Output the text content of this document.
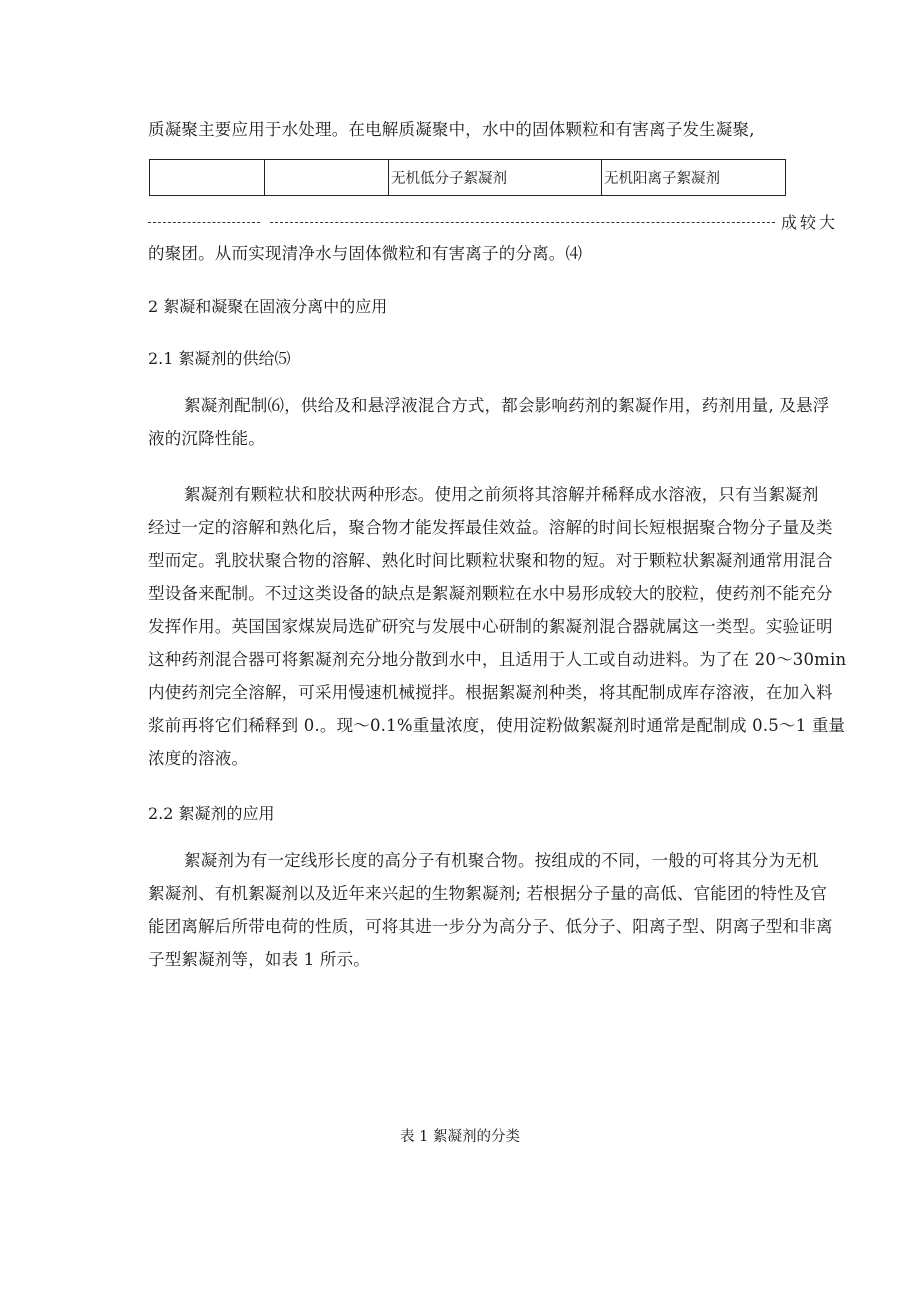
质凝聚主要应用于水处理。在电解质凝聚中，水中的固体颗粒和有害离子发生凝聚,
		无机低分子絮凝剂	无机阳离子絮凝剂
成较大
的聚团。从而实现清净水与固体微粒和有害离子的分离。⑷
2 絮凝和凝聚在固液分离中的应用
2.1 絮凝剂的供给⑸
絮凝剂配制⑹，供给及和悬浮液混合方式，都会影响药剂的絮凝作用，药剂用量, 及悬浮
液的沉降性能。
絮凝剂有颗粒状和胶状两种形态。使用之前须将其溶解并稀释成水溶液，只有当絮凝剂
经过一定的溶解和熟化后，聚合物才能发挥最佳效益。溶解的时间长短根据聚合物分子量及类
型而定。乳胶状聚合物的溶解、熟化时间比颗粒状聚和物的短。对于颗粒状絮凝剂通常用混合
型设备来配制。不过这类设备的缺点是絮凝剂颗粒在水中易形成较大的胶粒，使药剂不能充分
发挥作用。英国国家煤炭局选矿研究与发展中心研制的絮凝剂混合器就属这一类型。实验证明
这种药剂混合器可将絮凝剂充分地分散到水中，且适用于人工或自动进料。为了在 20～30min
内使药剂完全溶解，可采用慢速机械搅拌。根据絮凝剂种类，将其配制成库存溶液，在加入料
浆前再将它们稀释到 0.。现～0.1%重量浓度，使用淀粉做絮凝剂时通常是配制成 0.5～1 重量
浓度的溶液。
2.2 絮凝剂的应用
絮凝剂为有一定线形长度的高分子有机聚合物。按组成的不同，一般的可将其分为无机
絮凝剂、有机絮凝剂以及近年来兴起的生物絮凝剂; 若根据分子量的高低、官能团的特性及官
能团离解后所带电荷的性质，可将其进一步分为高分子、低分子、阳离子型、阴离子型和非离
子型絮凝剂等，如表 1 所示。
表 1 絮凝剂的分类
